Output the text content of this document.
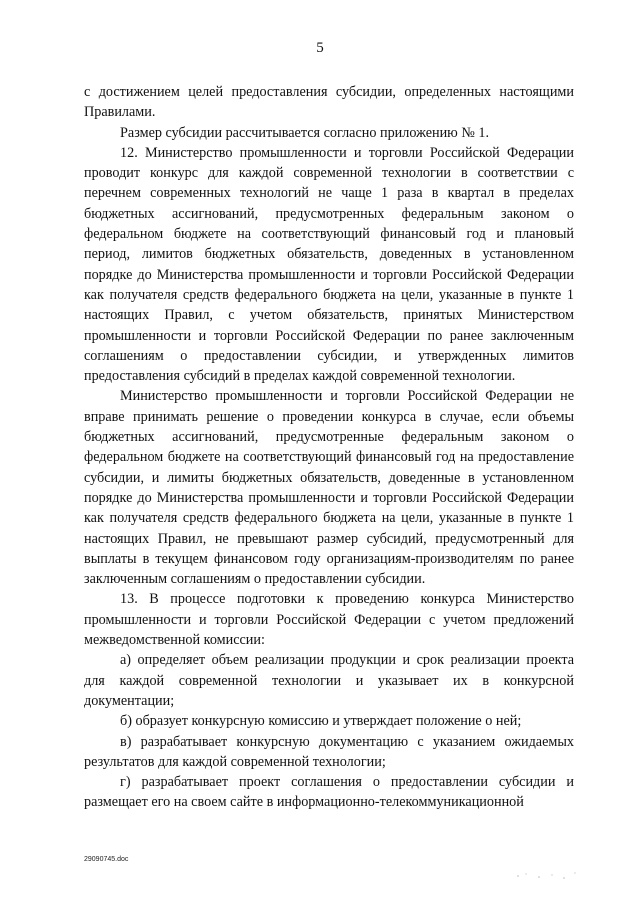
5

с достижением целей предоставления субсидии, определенных настоящими Правилами.

Размер субсидии рассчитывается согласно приложению № 1.

12. Министерство промышленности и торговли Российской Федерации проводит конкурс для каждой современной технологии в соответствии с перечнем современных технологий не чаще 1 раза в квартал в пределах бюджетных ассигнований, предусмотренных федеральным законом о федеральном бюджете на соответствующий финансовый год и плановый период, лимитов бюджетных обязательств, доведенных в установленном порядке до Министерства промышленности и торговли Российской Федерации как получателя средств федерального бюджета на цели, указанные в пункте 1 настоящих Правил, с учетом обязательств, принятых Министерством промышленности и торговли Российской Федерации по ранее заключенным соглашениям о предоставлении субсидии, и утвержденных лимитов предоставления субсидий в пределах каждой современной технологии.

Министерство промышленности и торговли Российской Федерации не вправе принимать решение о проведении конкурса в случае, если объемы бюджетных ассигнований, предусмотренные федеральным законом о федеральном бюджете на соответствующий финансовый год на предоставление субсидии, и лимиты бюджетных обязательств, доведенные в установленном порядке до Министерства промышленности и торговли Российской Федерации как получателя средств федерального бюджета на цели, указанные в пункте 1 настоящих Правил, не превышают размер субсидий, предусмотренный для выплаты в текущем финансовом году организациям-производителям по ранее заключенным соглашениям о предоставлении субсидии.

13. В процессе подготовки к проведению конкурса Министерство промышленности и торговли Российской Федерации с учетом предложений межведомственной комиссии:

а) определяет объем реализации продукции и срок реализации проекта для каждой современной технологии и указывает их в конкурсной документации;

б) образует конкурсную комиссию и утверждает положение о ней;

в) разрабатывает конкурсную документацию с указанием ожидаемых результатов для каждой современной технологии;

г) разрабатывает проект соглашения о предоставлении субсидии и размещает его на своем сайте в информационно-телекоммуникационной

29090745.doc
